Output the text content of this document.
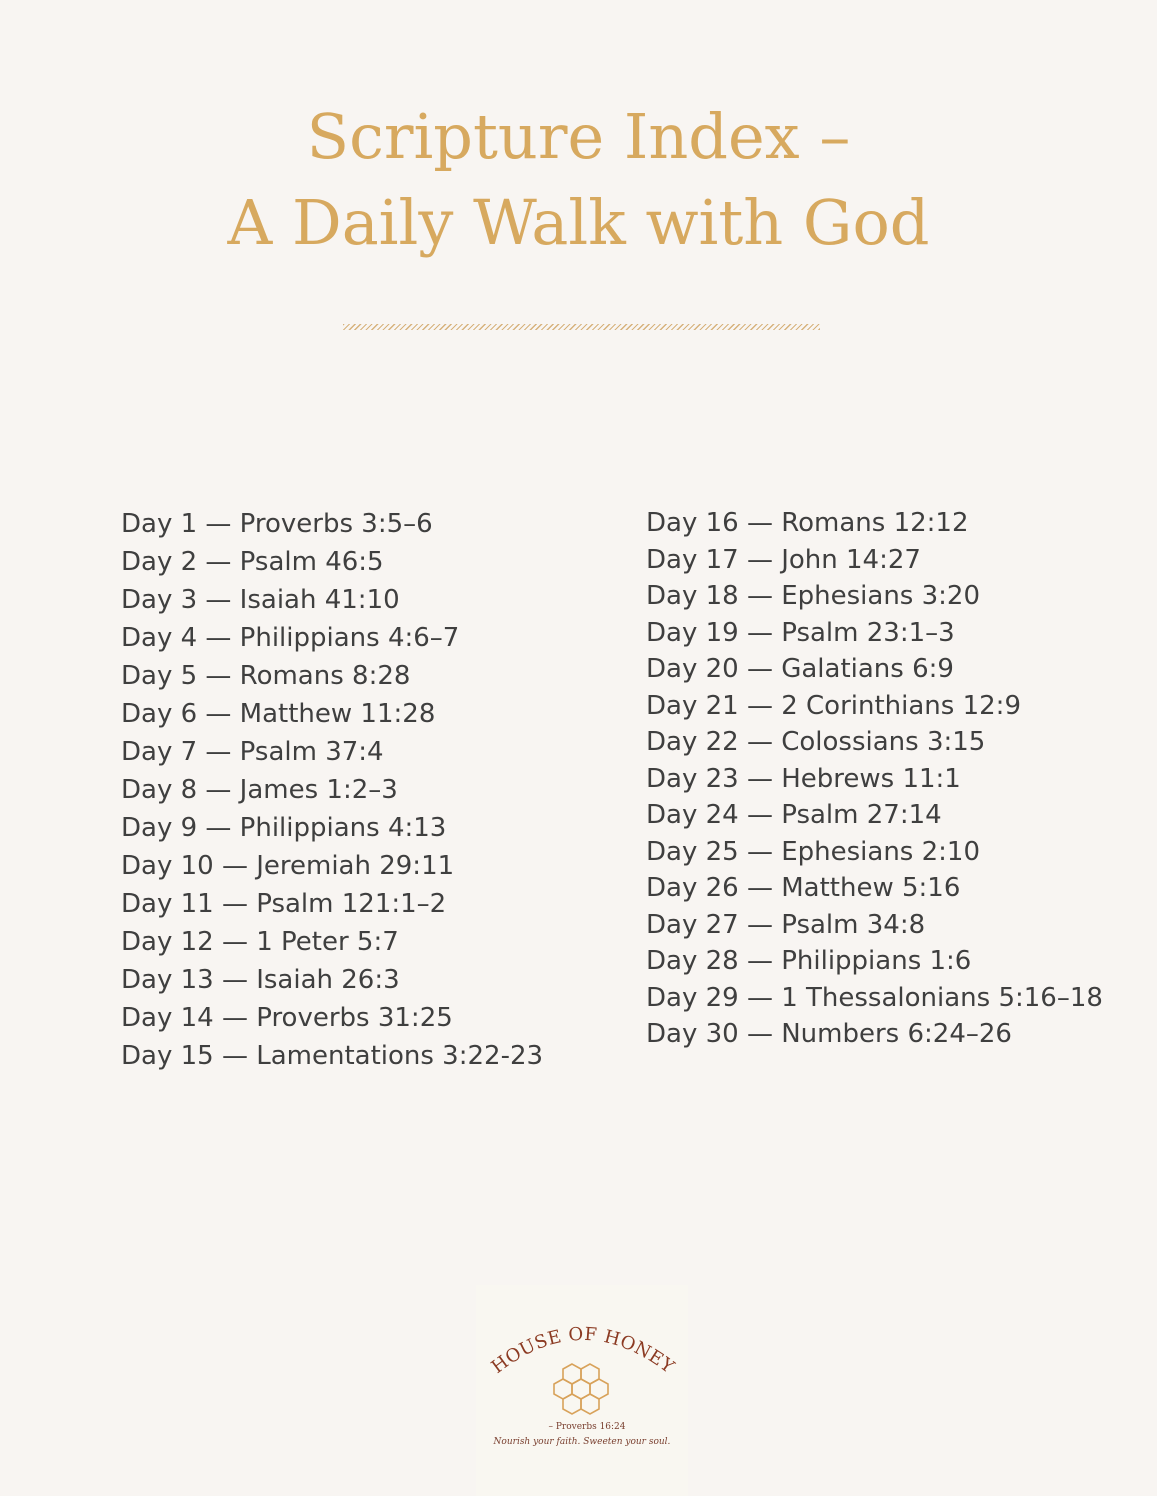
Scripture Index –
A Daily Walk with God
Day 1 — Proverbs 3:5–6
Day 2 — Psalm 46:5
Day 3 — Isaiah 41:10
Day 4 — Philippians 4:6–7
Day 5 — Romans 8:28
Day 6 — Matthew 11:28
Day 7 — Psalm 37:4
Day 8 — James 1:2–3
Day 9 — Philippians 4:13
Day 10 — Jeremiah 29:11
Day 11 — Psalm 121:1–2
Day 12 — 1 Peter 5:7
Day 13 — Isaiah 26:3
Day 14 — Proverbs 31:25
Day 15 — Lamentations 3:22-23
Day 16 — Romans 12:12
Day 17 — John 14:27
Day 18 — Ephesians 3:20
Day 19 — Psalm 23:1–3
Day 20 — Galatians 6:9
Day 21 — 2 Corinthians 12:9
Day 22 — Colossians 3:15
Day 23 — Hebrews 11:1
Day 24 — Psalm 27:14
Day 25 — Ephesians 2:10
Day 26 — Matthew 5:16
Day 27 — Psalm 34:8
Day 28 — Philippians 1:6
Day 29 — 1 Thessalonians 5:16–18
Day 30 — Numbers 6:24–26
HOUSE OF HONEY
– Proverbs 16:24
Nourish your faith. Sweeten your soul.
